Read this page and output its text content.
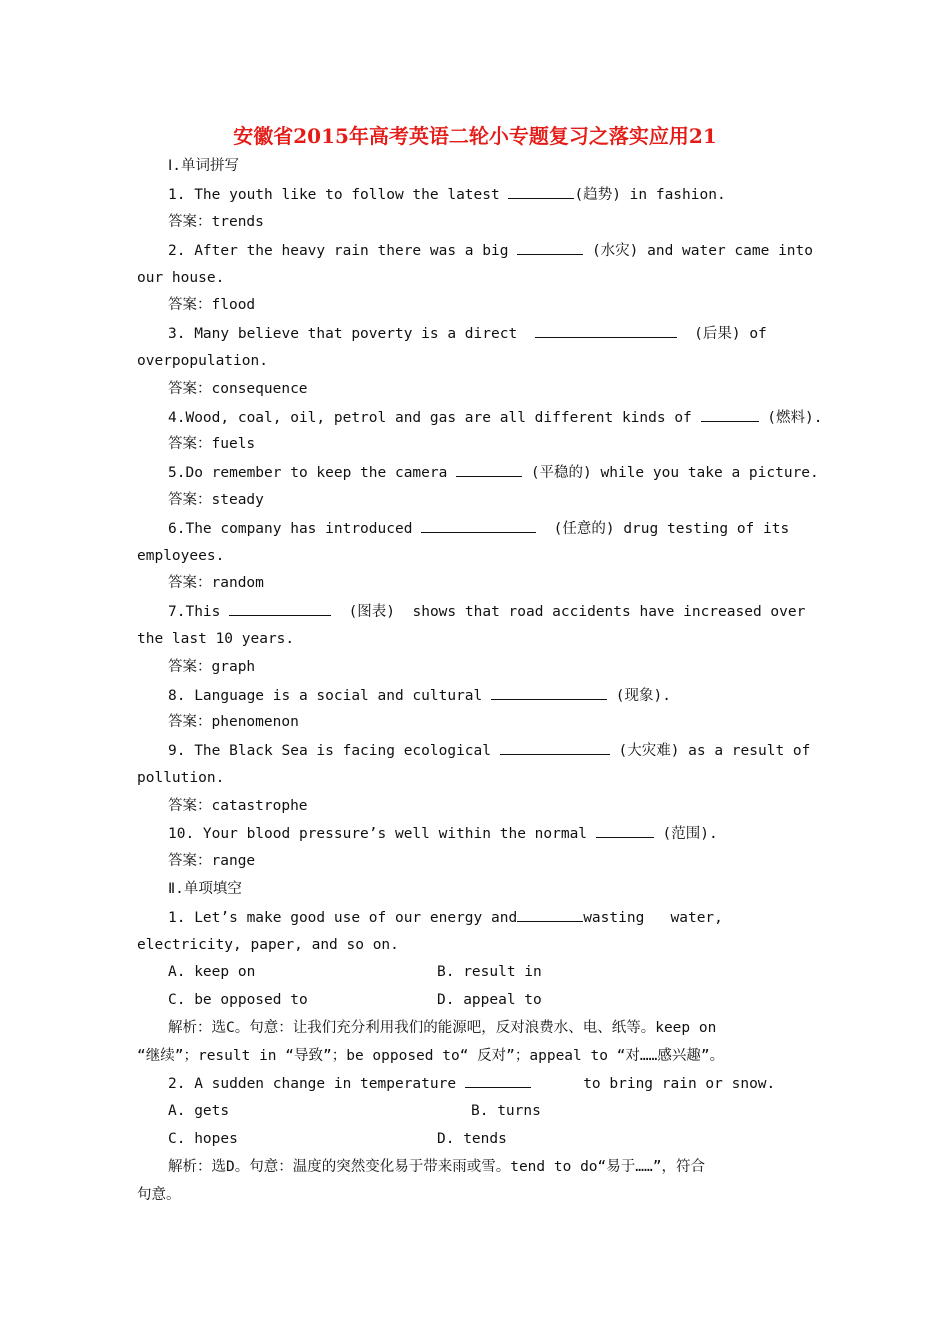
安徽省2015年高考英语二轮小专题复习之落实应用21
Ⅰ.单词拼写
1. The youth like to follow the latest	(趋势) in fashion.
答案：trends
2. After the heavy rain there was a big	(水灾) and water came into
our house.
答案：flood
3. Many believe that poverty is a direct	(后果) of
overpopulation.
答案：consequence
4.Wood, coal, oil, petrol and gas are all different kinds of	(燃料).
答案：fuels
5.Do remember to keep the camera	(平稳的) while you take a picture.
答案：steady
6.The company has introduced	(任意的) drug testing of its
employees.
答案：random
7.This	(图表)  shows that road accidents have increased over
the last 10 years.
答案：graph
8. Language is a social and cultural	(现象).
答案：phenomenon
9. The Black Sea is facing ecological	(大灾难) as a result of
pollution.
答案：catastrophe
10. Your blood pressure’s well within the normal	(范围).
答案：range
Ⅱ.单项填空
1. Let’s make good use of our energy and	wasting   water,
electricity, paper, and so on.
A. keep on	B. result in
C. be opposed to	D. appeal to
解析：选C。句意：让我们充分利用我们的能源吧，反对浪费水、电、纸等。keep on
“继续”；result in “导致”；be opposed to“ 反对”；appeal to “对……感兴趣”。
2. A sudden change in temperature	to bring rain or snow.
A. gets	B. turns
C. hopes	D. tends
解析：选D。句意：温度的突然变化易于带来雨或雪。tend to do“易于……”，符合
句意。
